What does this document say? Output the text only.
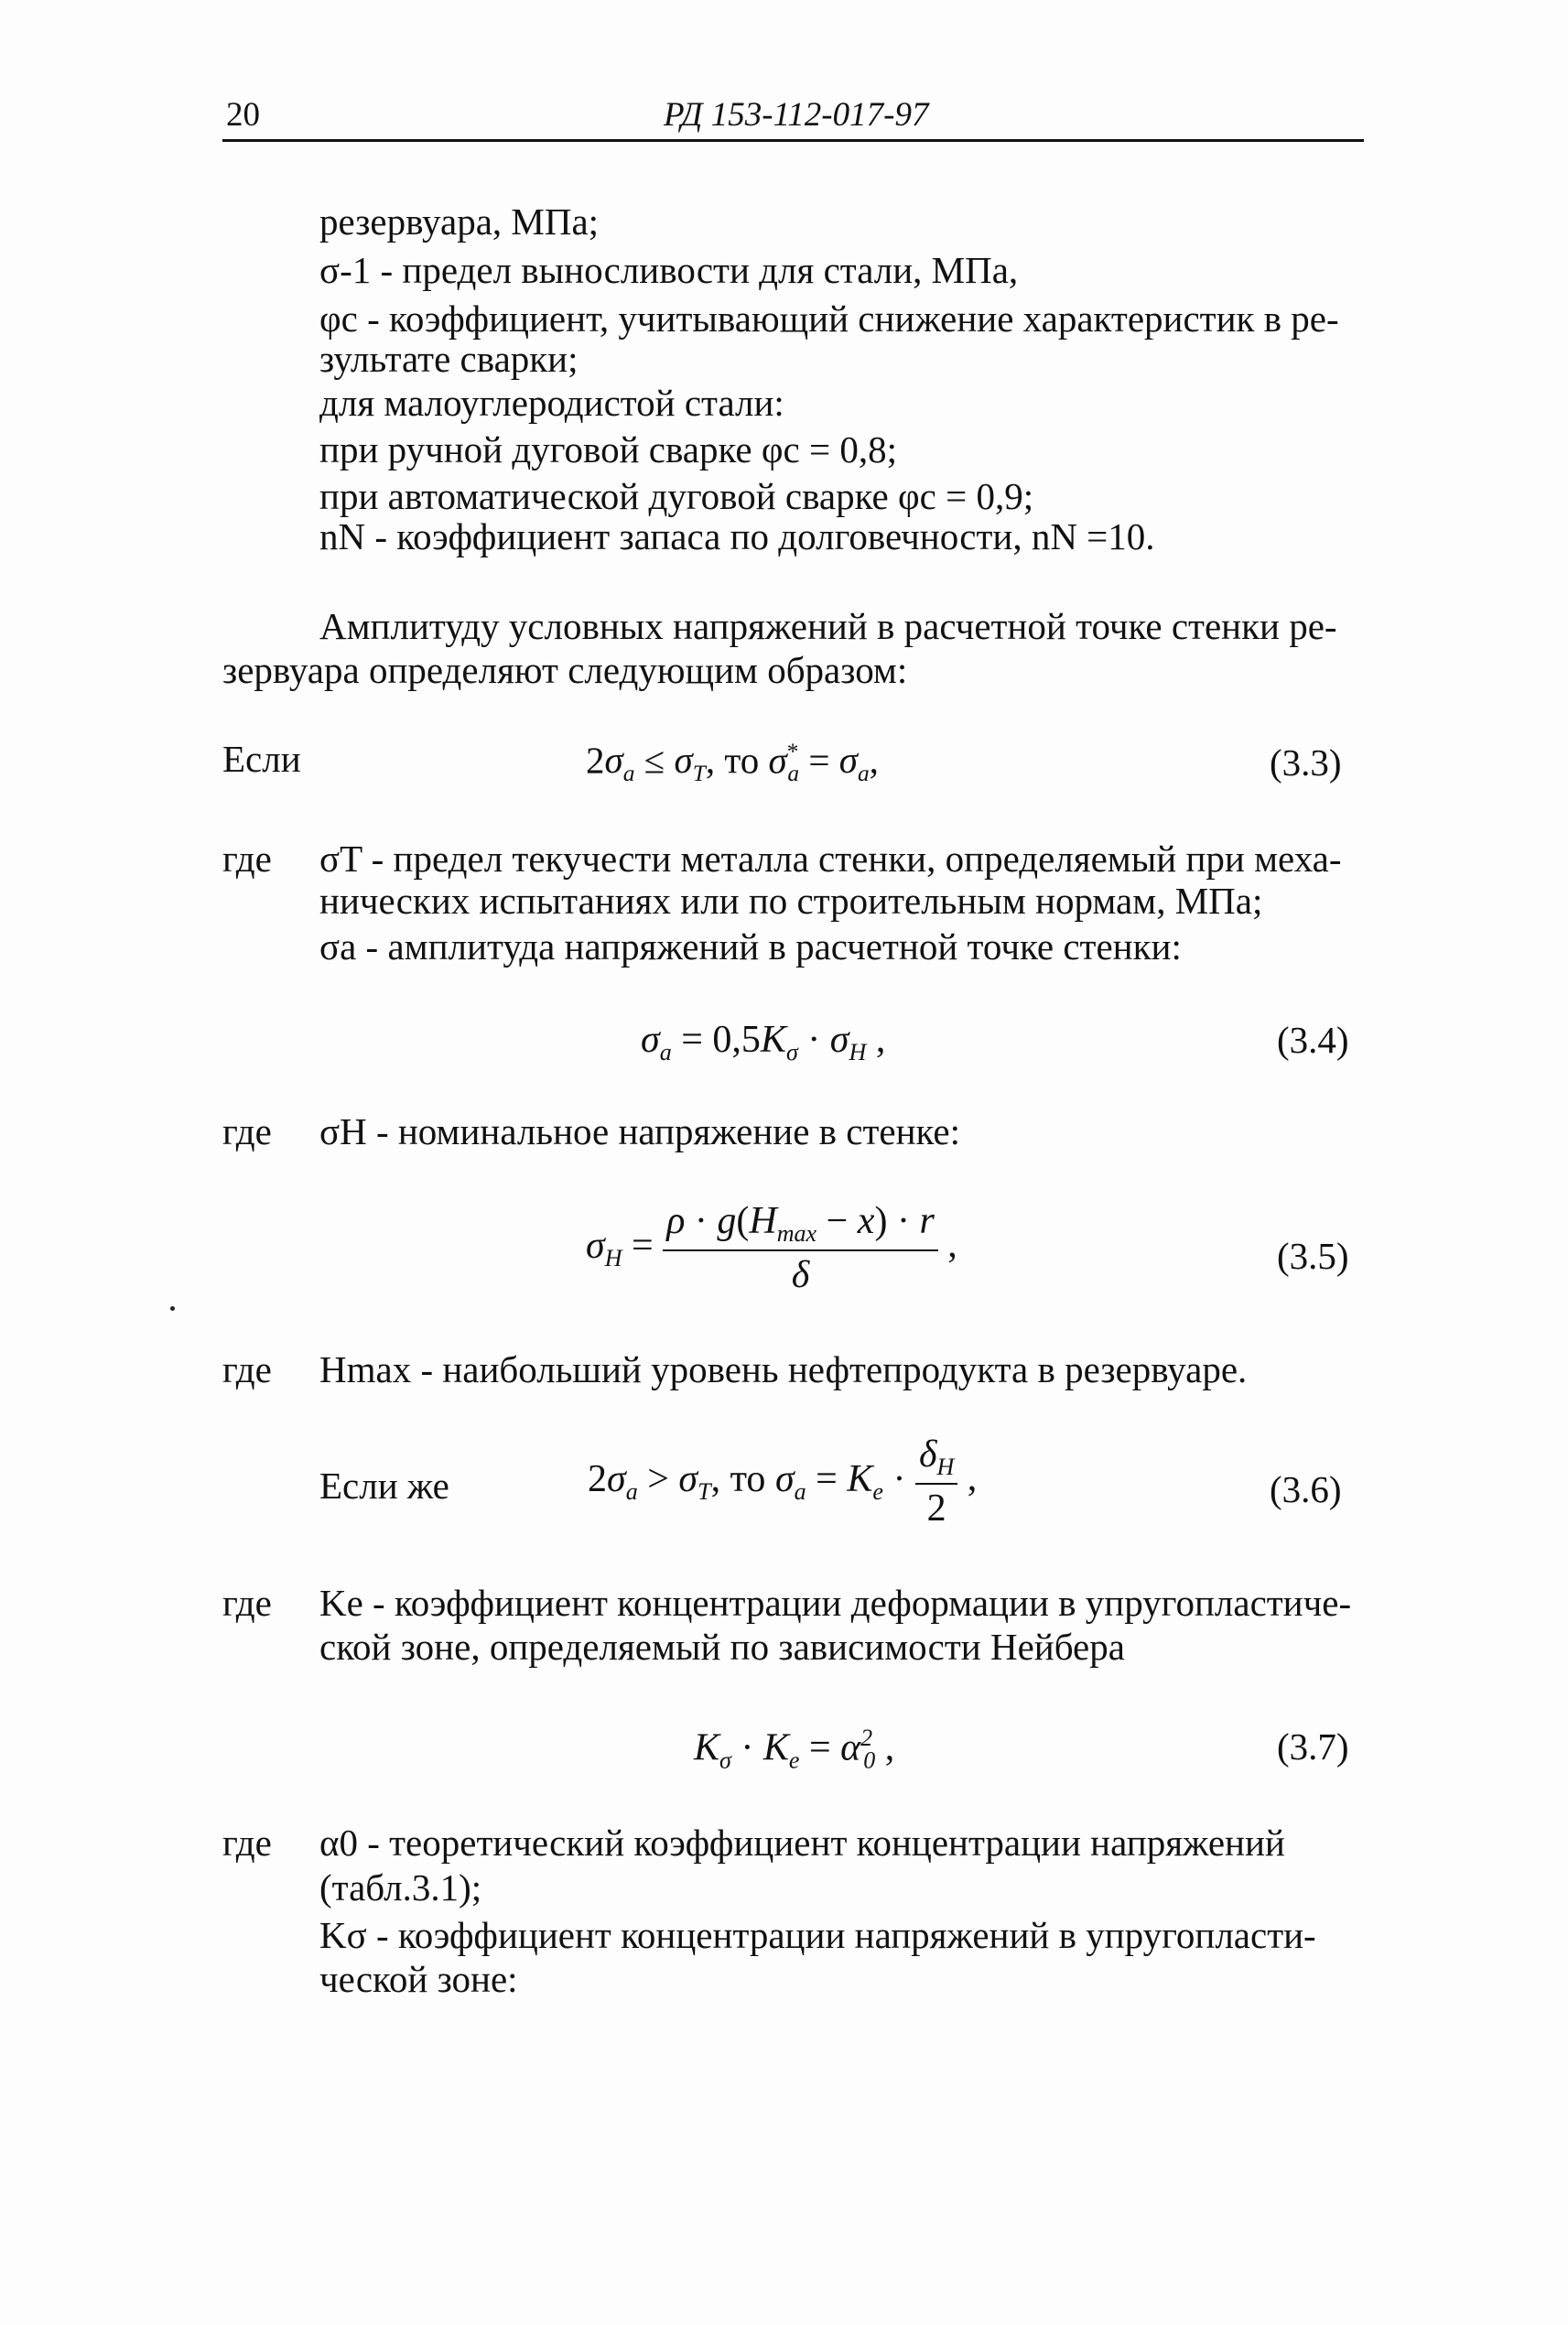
20	РД 153-112-017-97
резервуара, МПа;
σ-1 - предел выносливости для стали, МПа,
φс - коэффициент, учитывающий снижение характеристик в ре-
зультате сварки;
для малоуглеродистой стали:
при ручной дуговой сварке φс = 0,8;
при автоматической дуговой сварке φс = 0,9;
nN - коэффициент запаса по долговечности, nN =10.
Амплитуду условных напряжений в расчетной точке стенки ре-
зервуара определяют следующим образом:
Если	$2\sigma_a \le \sigma_T$, то $\sigma^*_a = \sigma_a$,	(3.3)
где σT - предел текучести металла стенки, определяемый при меха-
нических испытаниях или по строительным нормам, МПа;
σa - амплитуда напряжений в расчетной точке стенки:
$\sigma_a = 0,5K_\sigma \cdot \sigma_H$ ,	(3.4)
где σH - номинальное напряжение в стенке:
$\sigma_H = \frac{\rho \cdot g(H_{max} - x) \cdot r}{\delta}$ ,	(3.5)
где Hmax - наибольший уровень нефтепродукта в резервуаре.
Если же	$2\sigma_a > \sigma_T$, то $\sigma_a = K_e \cdot \frac{\delta_H}{2}$ ,	(3.6)
где Kе - коэффициент концентрации деформации в упругопластиче-
ской зоне, определяемый по зависимости Нейбера
$K_\sigma \cdot K_e = \alpha^2_0$ ,	(3.7)
где α0 - теоретический коэффициент концентрации напряжений
(табл.3.1);
Kσ - коэффициент концентрации напряжений в упругопласти-
ческой зоне:
